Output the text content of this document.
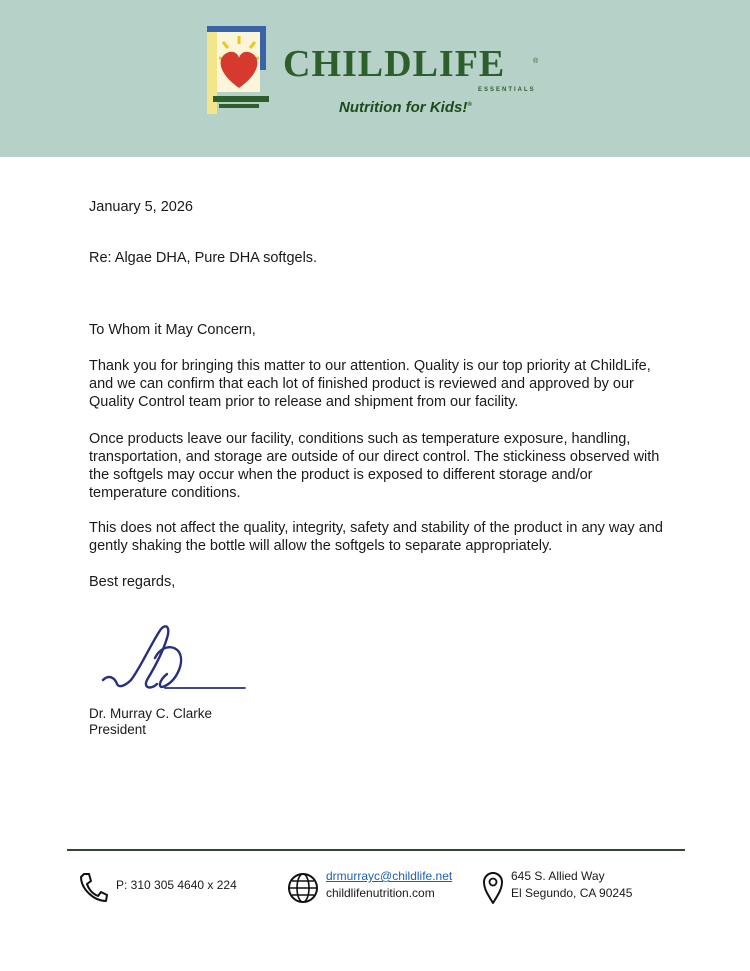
CHILDLIFE	®
ESSENTIALS
Nutrition for Kids!®
January 5, 2026
Re: Algae DHA, Pure DHA softgels.
To Whom it May Concern,
Thank you for bringing this matter to our attention. Quality is our top priority at ChildLife, and we can confirm that each lot of finished product is reviewed and approved by our Quality Control team prior to release and shipment from our facility.
Once products leave our facility, conditions such as temperature exposure, handling, transportation, and storage are outside of our direct control. The stickiness observed with the softgels may occur when the product is exposed to different storage and/or temperature conditions.
This does not affect the quality, integrity, safety and stability of the product in any way and gently shaking the bottle will allow the softgels to separate appropriately.
Best regards,
Dr. Murray C. Clarke
President
P: 310 305 4640 x 224
drmurrayc@childlife.net
childlifenutrition.com
645 S. Allied Way
El Segundo, CA 90245
